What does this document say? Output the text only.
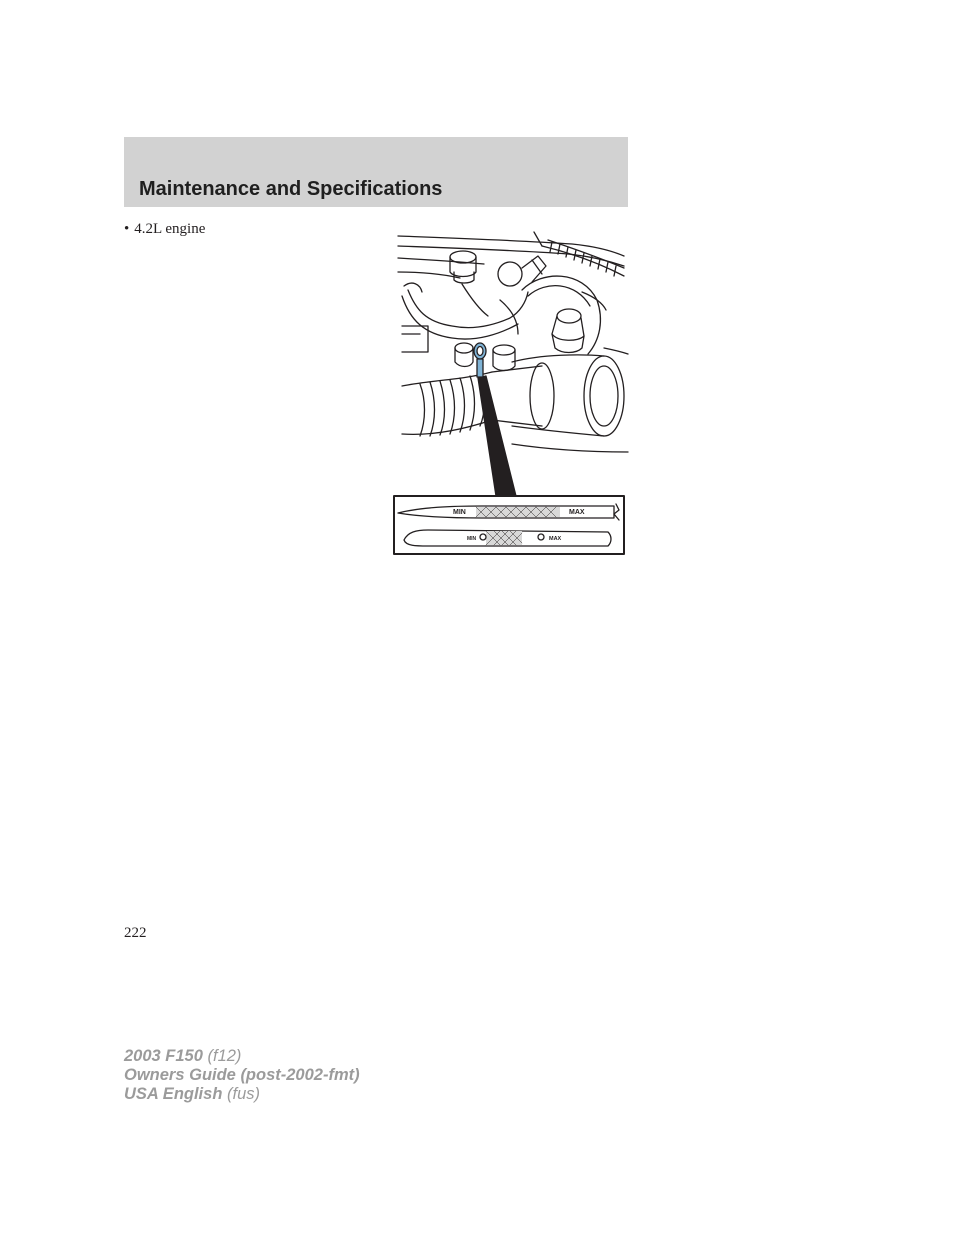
Maintenance and Specifications
• 4.2L engine
MIN	MAX
MIN	MAX
222
2003 F150 (f12)
Owners Guide (post-2002-fmt)
USA English (fus)
